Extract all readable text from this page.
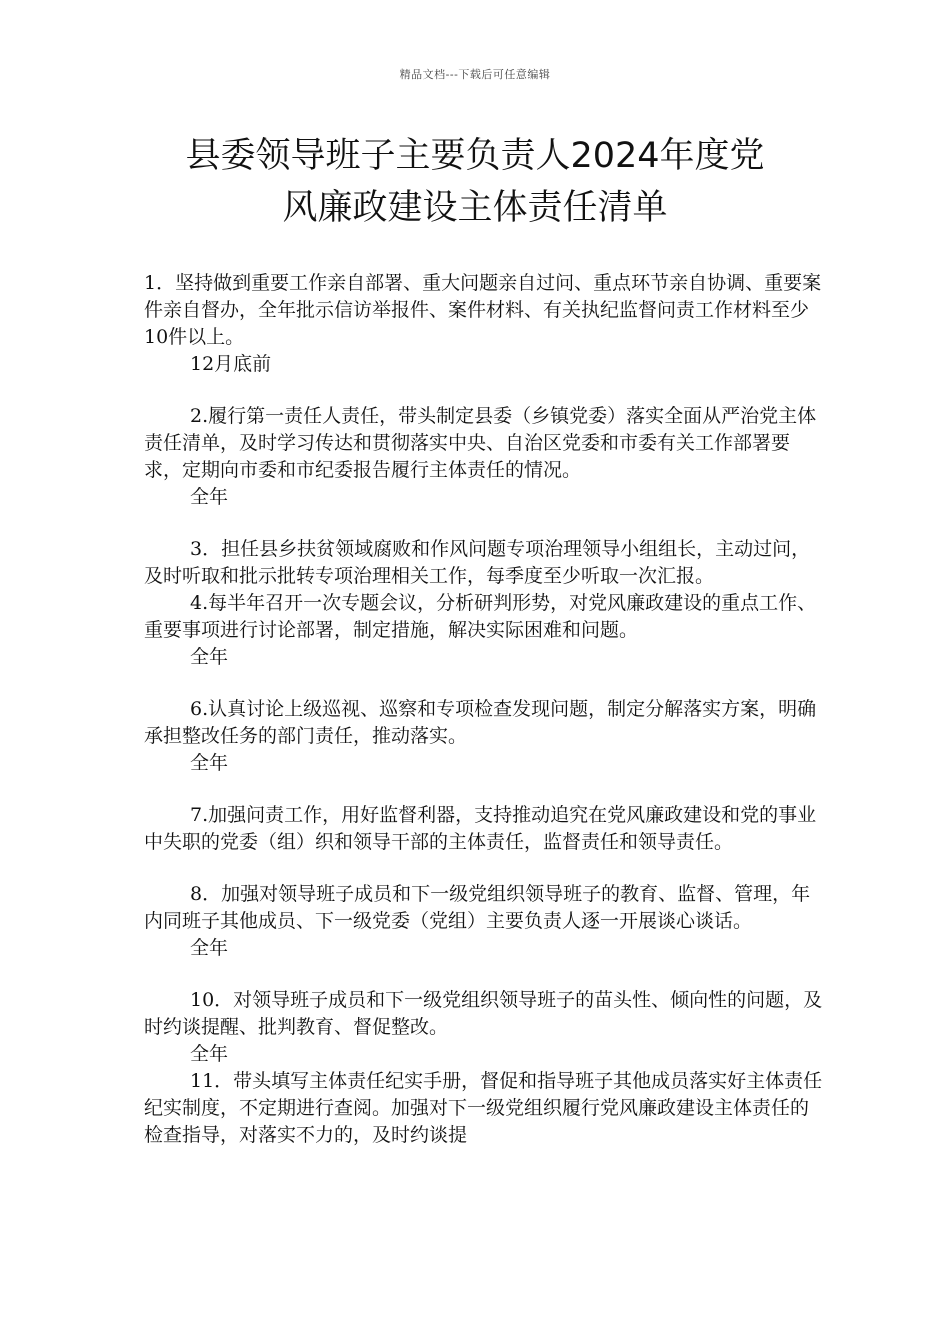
精品文档---下载后可任意编辑
县委领导班子主要负责人2024年度党
风廉政建设主体责任清单

1．坚持做到重要工作亲自部署、重大问题亲自过问、重点环节亲自协调、重要案件亲自督办，全年批示信访举报件、案件材料、有关执纪监督问责工作材料至少10件以上。

12月底前

2.履行第一责任人责任，带头制定县委（乡镇党委）落实全面从严治党主体责任清单，及时学习传达和贯彻落实中央、自治区党委和市委有关工作部署要求，定期向市委和市纪委报告履行主体责任的情况。

全年

3．担任县乡扶贫领域腐败和作风问题专项治理领导小组组长，主动过问，及时听取和批示批转专项治理相关工作，每季度至少听取一次汇报。

4.每半年召开一次专题会议，分析研判形势，对党风廉政建设的重点工作、重要事项进行讨论部署，制定措施，解决实际困难和问题。

全年

6.认真讨论上级巡视、巡察和专项检查发现问题，制定分解落实方案，明确承担整改任务的部门责任，推动落实。

全年

7.加强问责工作，用好监督利器，支持推动追究在党风廉政建设和党的事业中失职的党委（组）织和领导干部的主体责任，监督责任和领导责任。

8．加强对领导班子成员和下一级党组织领导班子的教育、监督、管理，年内同班子其他成员、下一级党委（党组）主要负责人逐一开展谈心谈话。

全年

10．对领导班子成员和下一级党组织领导班子的苗头性、倾向性的问题，及时约谈提醒、批判教育、督促整改。

全年

11．带头填写主体责任纪实手册，督促和指导班子其他成员落实好主体责任纪实制度，不定期进行查阅。加强对下一级党组织履行党风廉政建设主体责任的检查指导，对落实不力的，及时约谈提
